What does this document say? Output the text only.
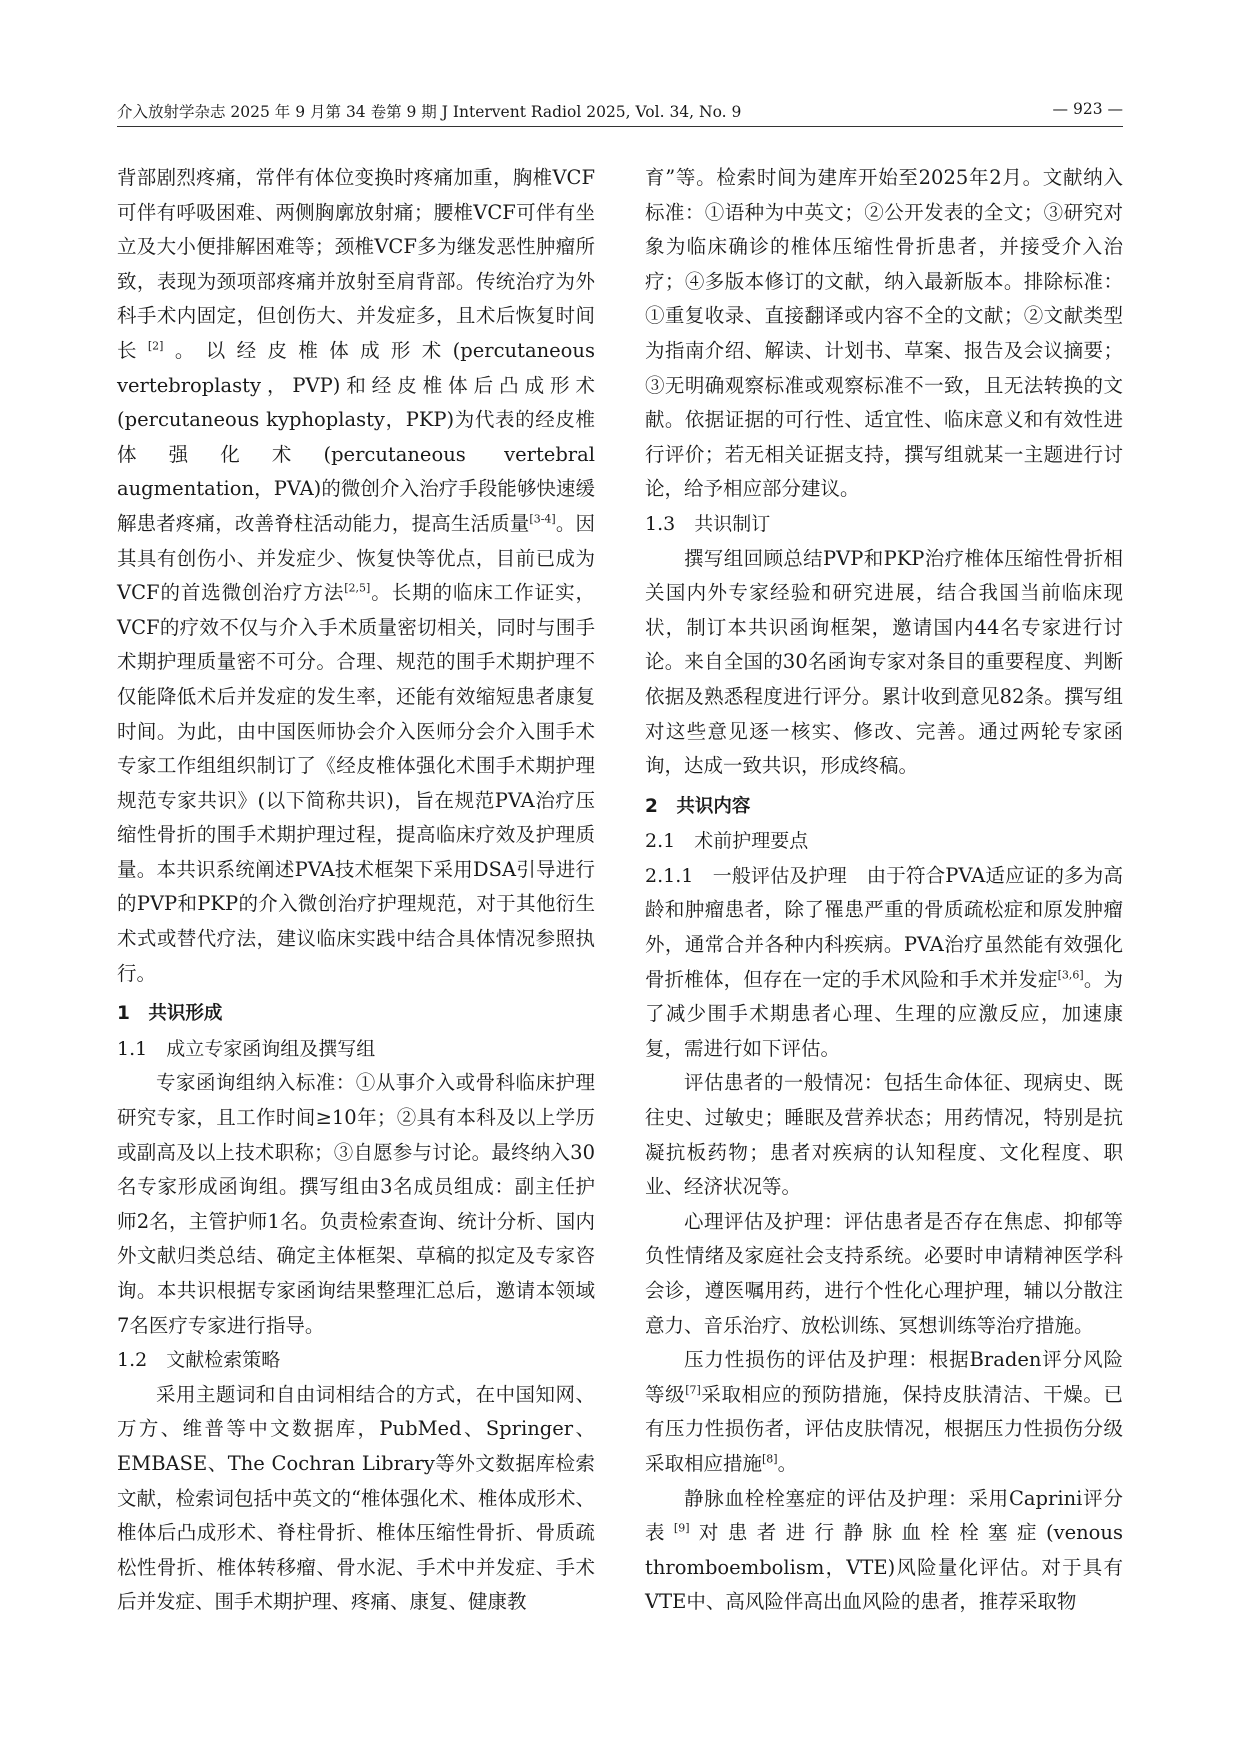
介入放射学杂志 2025 年 9 月第 34 卷第 9 期 J Intervent Radiol 2025, Vol. 34, No. 9	— 923 —

背部剧烈疼痛，常伴有体位变换时疼痛加重，胸椎VCF可伴有呼吸困难、两侧胸廓放射痛；腰椎VCF可伴有坐立及大小便排解困难等；颈椎VCF多为继发恶性肿瘤所致，表现为颈项部疼痛并放射至肩背部。传统治疗为外科手术内固定，但创伤大、并发症多，且术后恢复时间长[2]。以经皮椎体成形术(percutaneous vertebroplasty，PVP)和经皮椎体后凸成形术(percutaneous kyphoplasty，PKP)为代表的经皮椎体强化术(percutaneous vertebral augmentation，PVA)的微创介入治疗手段能够快速缓解患者疼痛，改善脊柱活动能力，提高生活质量[3-4]。因其具有创伤小、并发症少、恢复快等优点，目前已成为VCF的首选微创治疗方法[2,5]。长期的临床工作证实，VCF的疗效不仅与介入手术质量密切相关，同时与围手术期护理质量密不可分。合理、规范的围手术期护理不仅能降低术后并发症的发生率，还能有效缩短患者康复时间。为此，由中国医师协会介入医师分会介入围手术专家工作组组织制订了《经皮椎体强化术围手术期护理规范专家共识》(以下简称共识)，旨在规范PVA治疗压缩性骨折的围手术期护理过程，提高临床疗效及护理质量。本共识系统阐述PVA技术框架下采用DSA引导进行的PVP和PKP的介入微创治疗护理规范，对于其他衍生术式或替代疗法，建议临床实践中结合具体情况参照执行。

1　共识形成

1.1　成立专家函询组及撰写组

专家函询组纳入标准：①从事介入或骨科临床护理研究专家，且工作时间≥10年；②具有本科及以上学历或副高及以上技术职称；③自愿参与讨论。最终纳入30名专家形成函询组。撰写组由3名成员组成：副主任护师2名，主管护师1名。负责检索查询、统计分析、国内外文献归类总结、确定主体框架、草稿的拟定及专家咨询。本共识根据专家函询结果整理汇总后，邀请本领域7名医疗专家进行指导。

1.2　文献检索策略

采用主题词和自由词相结合的方式，在中国知网、万方、维普等中文数据库，PubMed、Springer、EMBASE、The Cochran Library等外文数据库检索文献，检索词包括中英文的“椎体强化术、椎体成形术、椎体后凸成形术、脊柱骨折、椎体压缩性骨折、骨质疏松性骨折、椎体转移瘤、骨水泥、手术中并发症、手术后并发症、围手术期护理、疼痛、康复、健康教

育”等。检索时间为建库开始至2025年2月。文献纳入标准：①语种为中英文；②公开发表的全文；③研究对象为临床确诊的椎体压缩性骨折患者，并接受介入治疗；④多版本修订的文献，纳入最新版本。排除标准：①重复收录、直接翻译或内容不全的文献；②文献类型为指南介绍、解读、计划书、草案、报告及会议摘要；③无明确观察标准或观察标准不一致，且无法转换的文献。依据证据的可行性、适宜性、临床意义和有效性进行评价；若无相关证据支持，撰写组就某一主题进行讨论，给予相应部分建议。

1.3　共识制订

撰写组回顾总结PVP和PKP治疗椎体压缩性骨折相关国内外专家经验和研究进展，结合我国当前临床现状，制订本共识函询框架，邀请国内44名专家进行讨论。来自全国的30名函询专家对条目的重要程度、判断依据及熟悉程度进行评分。累计收到意见82条。撰写组对这些意见逐一核实、修改、完善。通过两轮专家函询，达成一致共识，形成终稿。

2　共识内容

2.1　术前护理要点

2.1.1　一般评估及护理　由于符合PVA适应证的多为高龄和肿瘤患者，除了罹患严重的骨质疏松症和原发肿瘤外，通常合并各种内科疾病。PVA治疗虽然能有效强化骨折椎体，但存在一定的手术风险和手术并发症[3,6]。为了减少围手术期患者心理、生理的应激反应，加速康复，需进行如下评估。

评估患者的一般情况：包括生命体征、现病史、既往史、过敏史；睡眠及营养状态；用药情况，特别是抗凝抗板药物；患者对疾病的认知程度、文化程度、职业、经济状况等。

心理评估及护理：评估患者是否存在焦虑、抑郁等负性情绪及家庭社会支持系统。必要时申请精神医学科会诊，遵医嘱用药，进行个性化心理护理，辅以分散注意力、音乐治疗、放松训练、冥想训练等治疗措施。

压力性损伤的评估及护理：根据Braden评分风险等级[7]采取相应的预防措施，保持皮肤清洁、干燥。已有压力性损伤者，评估皮肤情况，根据压力性损伤分级采取相应措施[8]。

静脉血栓栓塞症的评估及护理：采用Caprini评分表[9]对患者进行静脉血栓栓塞症(venous thromboembolism，VTE)风险量化评估。对于具有VTE中、高风险伴高出血风险的患者，推荐采取物
